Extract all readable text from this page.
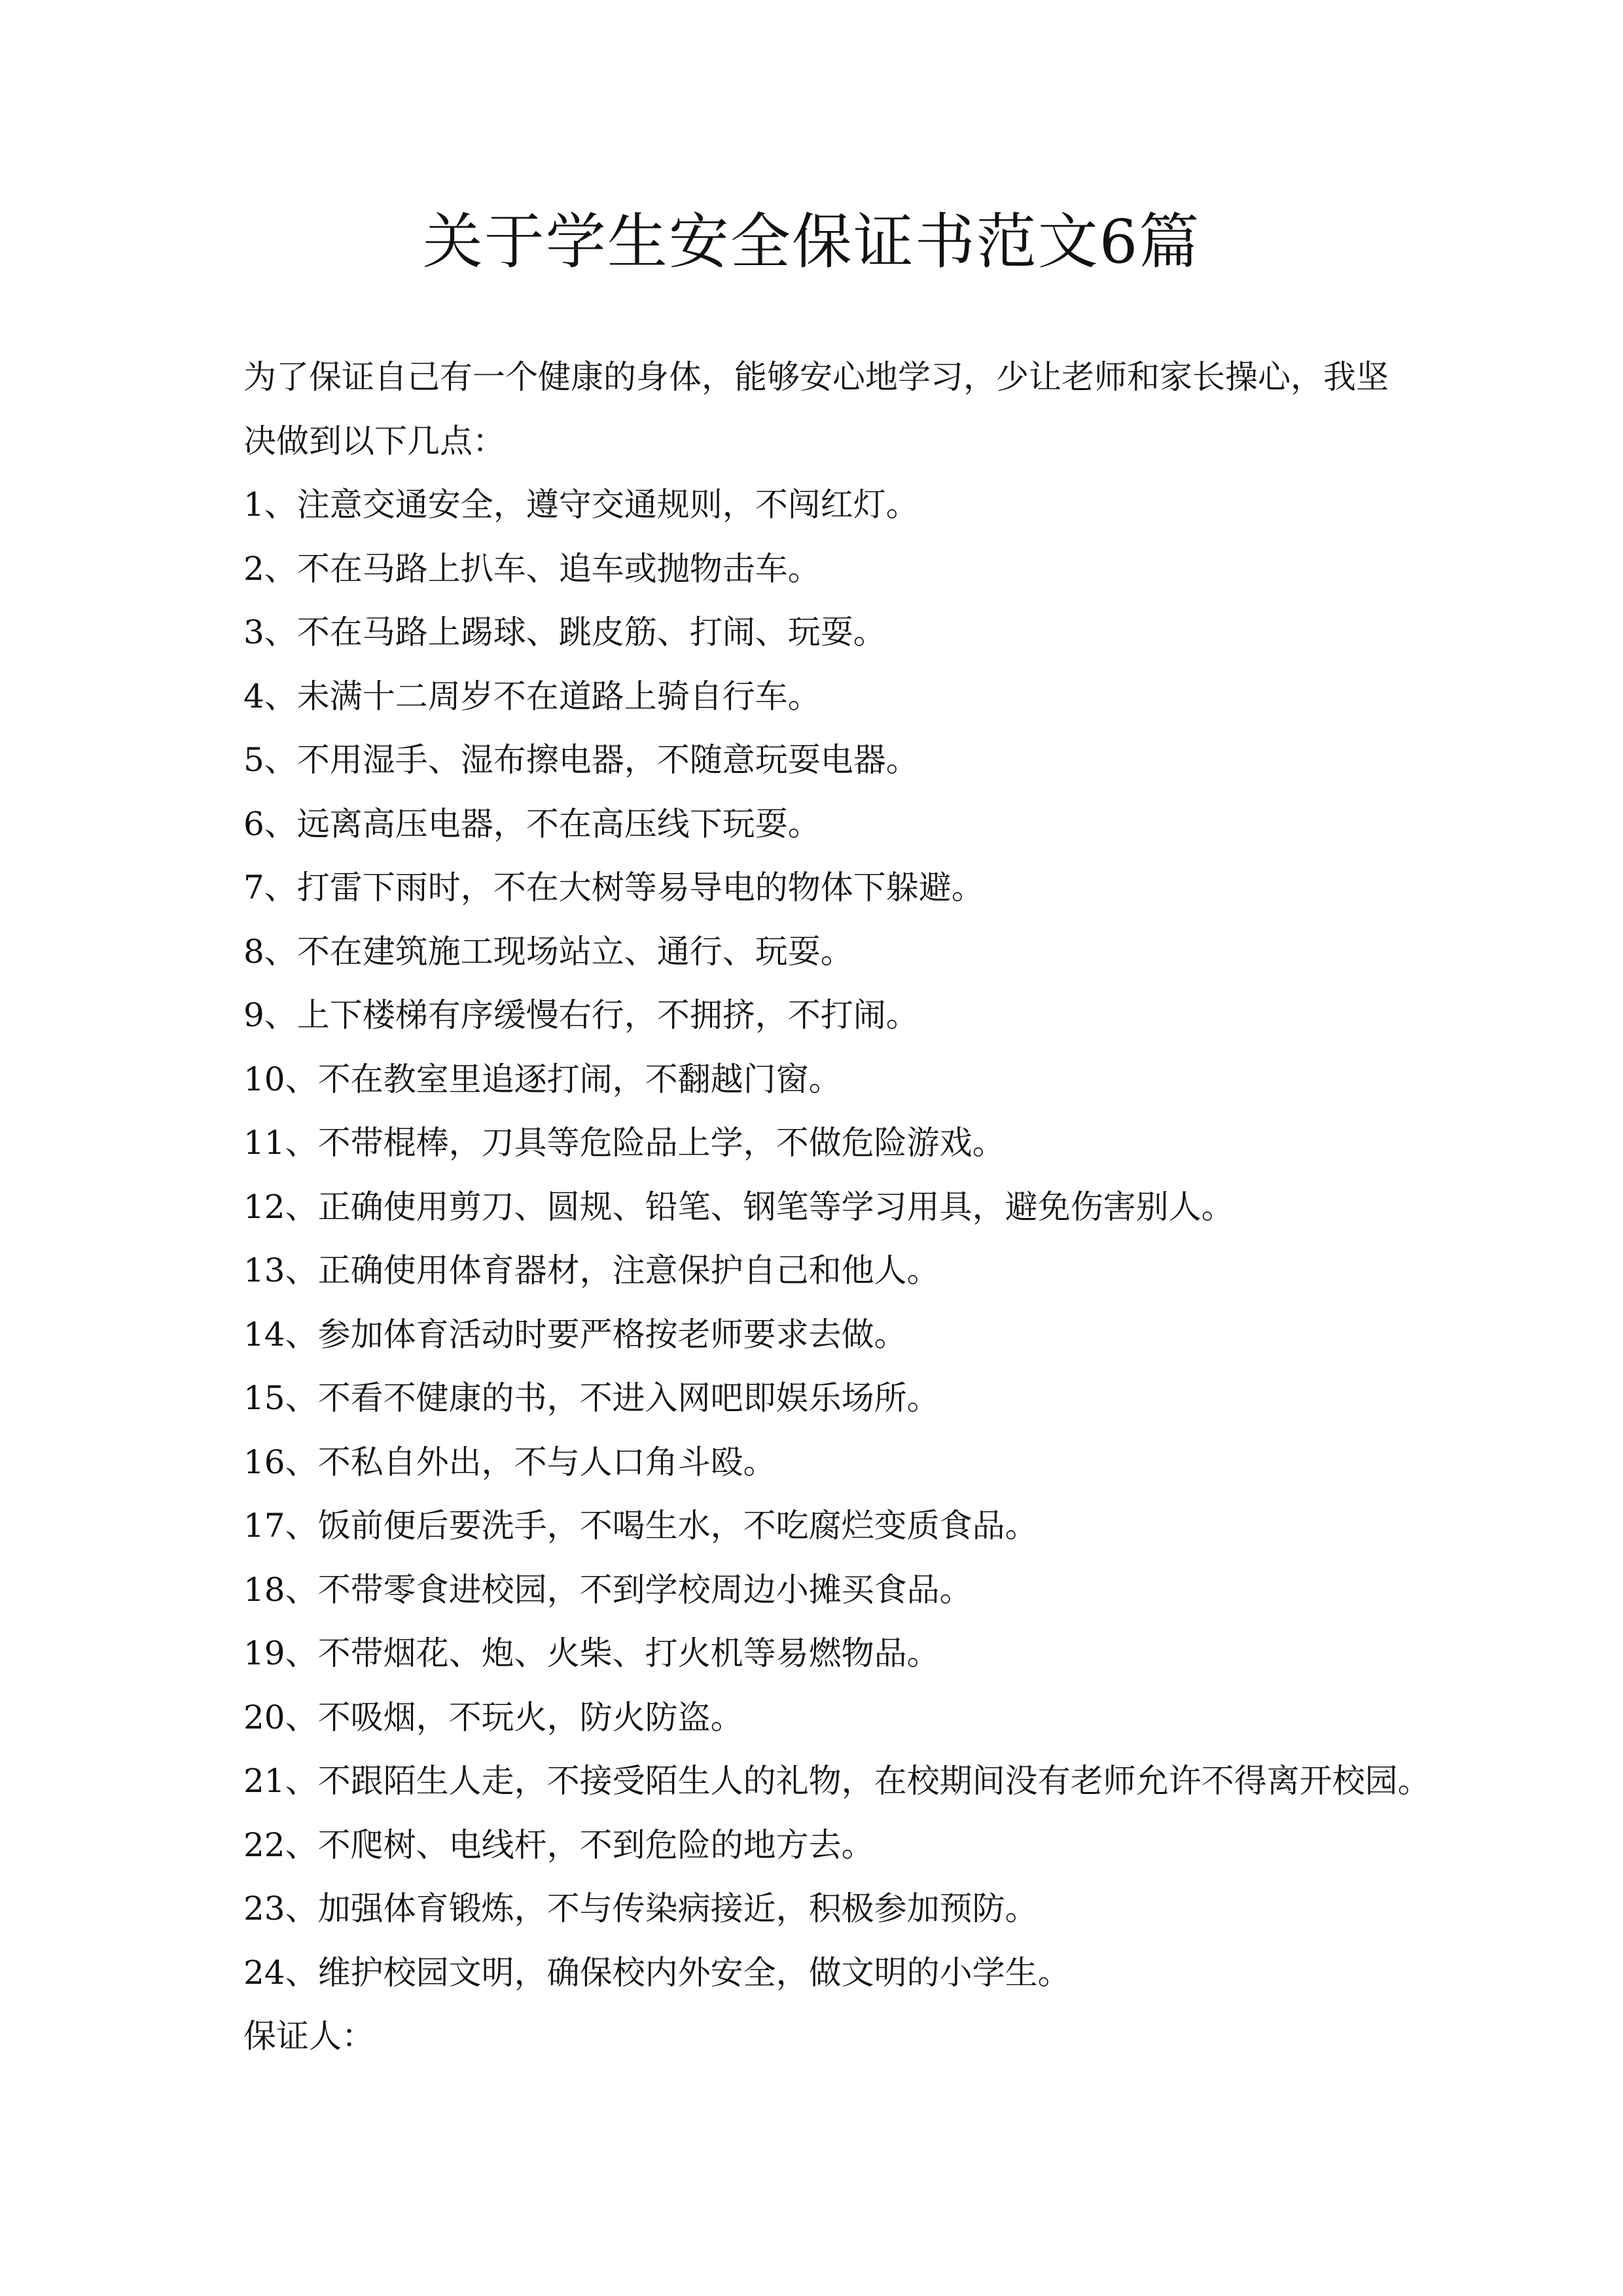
关于学生安全保证书范文6篇

为了保证自己有一个健康的身体，能够安心地学习，少让老师和家长操心，我坚决做到以下几点：

1、注意交通安全，遵守交通规则，不闯红灯。
2、不在马路上扒车、追车或抛物击车。
3、不在马路上踢球、跳皮筋、打闹、玩耍。
4、未满十二周岁不在道路上骑自行车。
5、不用湿手、湿布擦电器，不随意玩耍电器。
6、远离高压电器，不在高压线下玩耍。
7、打雷下雨时，不在大树等易导电的物体下躲避。
8、不在建筑施工现场站立、通行、玩耍。
9、上下楼梯有序缓慢右行，不拥挤，不打闹。
10、不在教室里追逐打闹，不翻越门窗。
11、不带棍棒，刀具等危险品上学，不做危险游戏。
12、正确使用剪刀、圆规、铅笔、钢笔等学习用具，避免伤害别人。
13、正确使用体育器材，注意保护自己和他人。
14、参加体育活动时要严格按老师要求去做。
15、不看不健康的书，不进入网吧即娱乐场所。
16、不私自外出，不与人口角斗殴。
17、饭前便后要洗手，不喝生水，不吃腐烂变质食品。
18、不带零食进校园，不到学校周边小摊买食品。
19、不带烟花、炮、火柴、打火机等易燃物品。
20、不吸烟，不玩火，防火防盗。
21、不跟陌生人走，不接受陌生人的礼物，在校期间没有老师允许不得离开校园。
22、不爬树、电线杆，不到危险的地方去。
23、加强体育锻炼，不与传染病接近，积极参加预防。
24、维护校园文明，确保校内外安全，做文明的小学生。

保证人：
